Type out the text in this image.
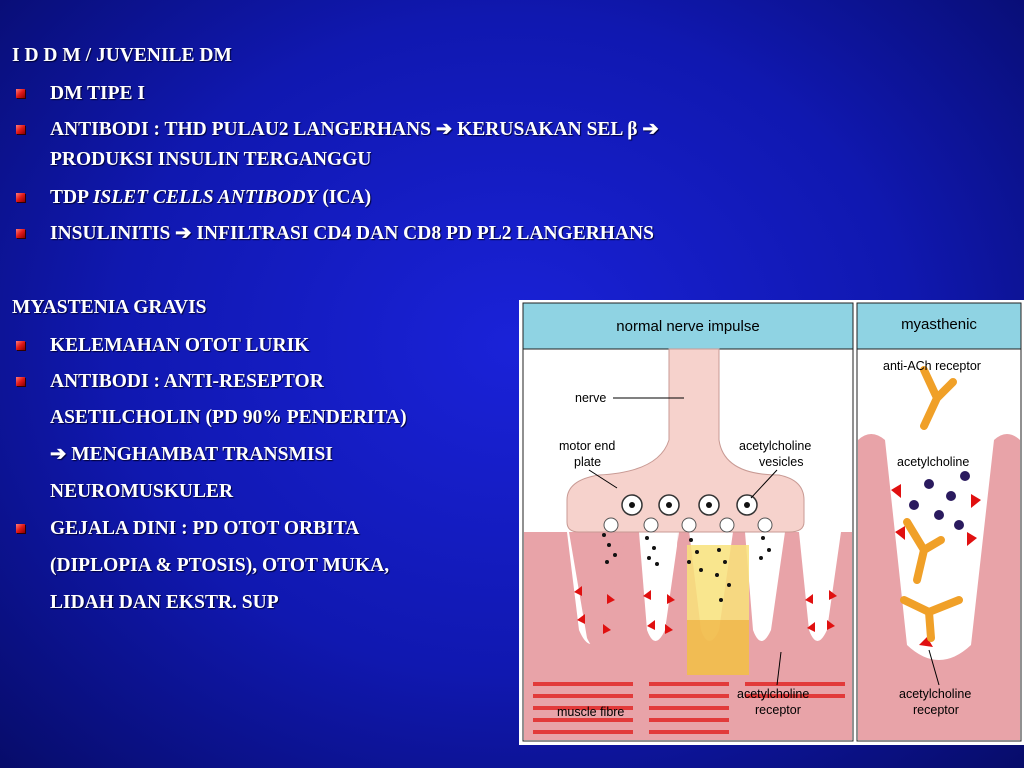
I D D M / JUVENILE DM
DM TIPE I
ANTIBODI : THD PULAU2 LANGERHANS ➔ KERUSAKAN SEL β ➔
PRODUKSI INSULIN TERGANGGU
TDP ISLET CELLS ANTIBODY (ICA)
INSULINITIS ➔ INFILTRASI CD4 DAN CD8 PD PL2 LANGERHANS
MYASTENIA GRAVIS
KELEMAHAN OTOT LURIK
ANTIBODI : ANTI-RESEPTOR
ASETILCHOLIN (PD 90% PENDERITA)
➔ MENGHAMBAT TRANSMISI
NEUROMUSKULER
GEJALA DINI : PD OTOT ORBITA
(DIPLOPIA & PTOSIS), OTOT MUKA,
LIDAH DAN EKSTR. SUP
normal nerve impulse
nerve
motor end
plate
acetylcholine
vesicles
muscle fibre
acetylcholine
receptor
myasthenic
anti-ACh receptor
acetylcholine
acetylcholine
receptor
